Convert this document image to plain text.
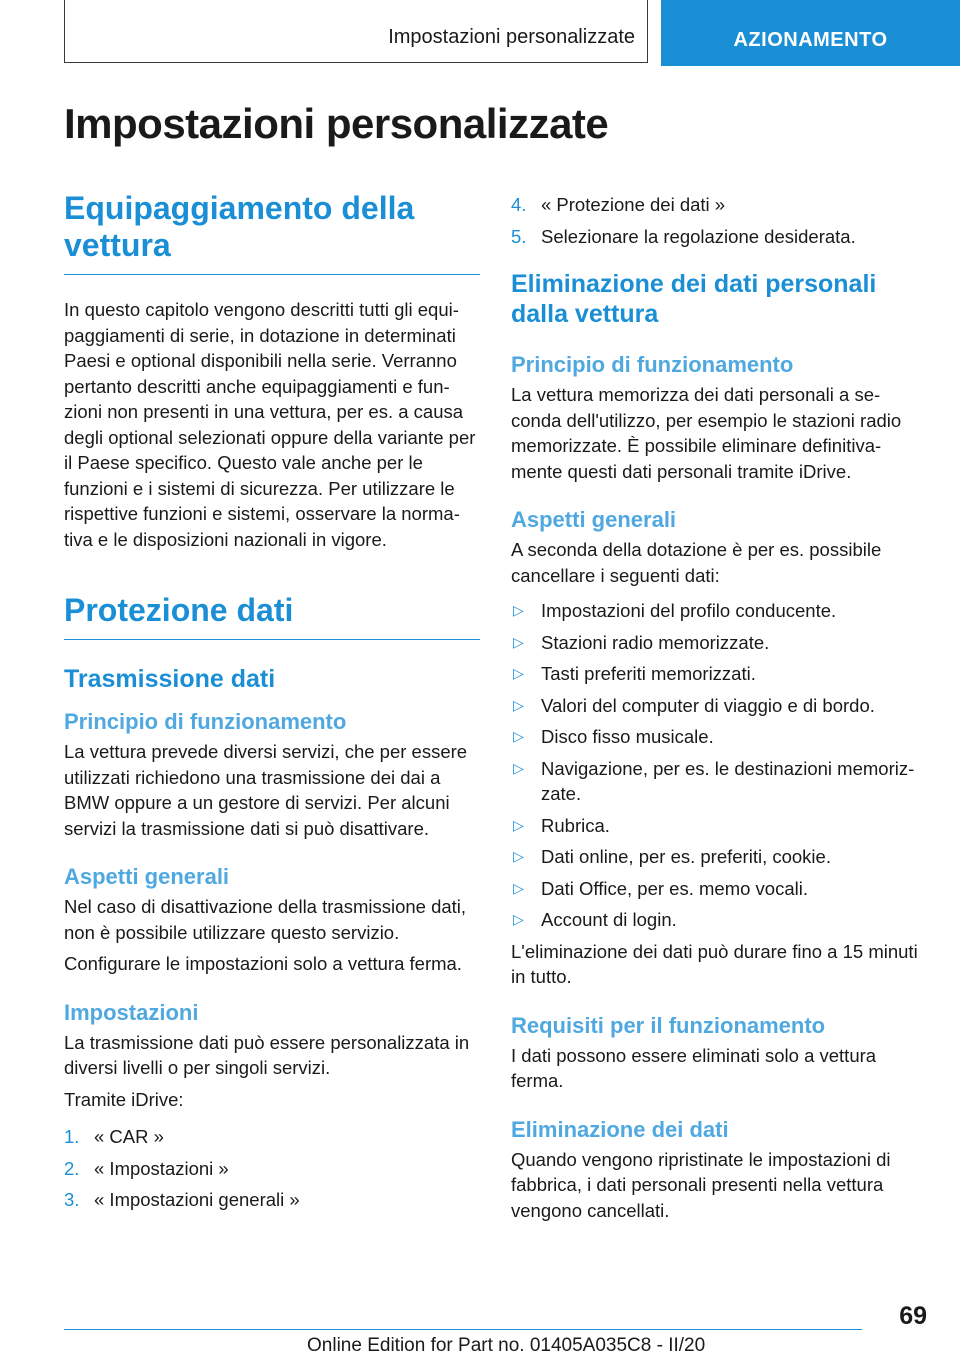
Impostazioni personalizzate	AZIONAMENTO
Impostazioni personalizzate
Equipaggiamento della vettura

In questo capitolo vengono descritti tutti gli equipaggiamenti di serie, in dotazione in determinati Paesi e optional disponibili nella serie. Verranno pertanto descritti anche equipaggiamenti e funzioni non presenti in una vettura, per es. a causa degli optional selezionati oppure della variante per il Paese specifico. Questo vale anche per le funzioni e i sistemi di sicurezza. Per utilizzare le rispettive funzioni e sistemi, osservare la normativa e le disposizioni nazionali in vigore.

Protezione dati
Trasmissione dati
Principio di funzionamento

La vettura prevede diversi servizi, che per essere utilizzati richiedono una trasmissione dei dai a BMW oppure a un gestore di servizi. Per alcuni servizi la trasmissione dati si può disattivare.

Aspetti generali

Nel caso di disattivazione della trasmissione dati, non è possibile utilizzare questo servizio.

Configurare le impostazioni solo a vettura ferma.

Impostazioni

La trasmissione dati può essere personalizzata in diversi livelli o per singoli servizi.

Tramite iDrive:

1. « CAR »
2. « Impostazioni »
3. « Impostazioni generali »
4. « Protezione dei dati »
5. Selezionare la regolazione desiderata.
Eliminazione dei dati personali dalla vettura
Principio di funzionamento

La vettura memorizza dei dati personali a seconda dell'utilizzo, per esempio le stazioni radio memorizzate. È possibile eliminare definitivamente questi dati personali tramite iDrive.

Aspetti generali

A seconda della dotazione è per es. possibile cancellare i seguenti dati:

▷ Impostazioni del profilo conducente.
▷ Stazioni radio memorizzate.
▷ Tasti preferiti memorizzati.
▷ Valori del computer di viaggio e di bordo.
▷ Disco fisso musicale.
▷ Navigazione, per es. le destinazioni memorizzate.
▷ Rubrica.
▷ Dati online, per es. preferiti, cookie.
▷ Dati Office, per es. memo vocali.
▷ Account di login.

L'eliminazione dei dati può durare fino a 15 minuti in tutto.

Requisiti per il funzionamento

I dati possono essere eliminati solo a vettura ferma.

Eliminazione dei dati

Quando vengono ripristinate le impostazioni di fabbrica, i dati personali presenti nella vettura vengono cancellati.

69
Online Edition for Part no. 01405A035C8 - II/20
